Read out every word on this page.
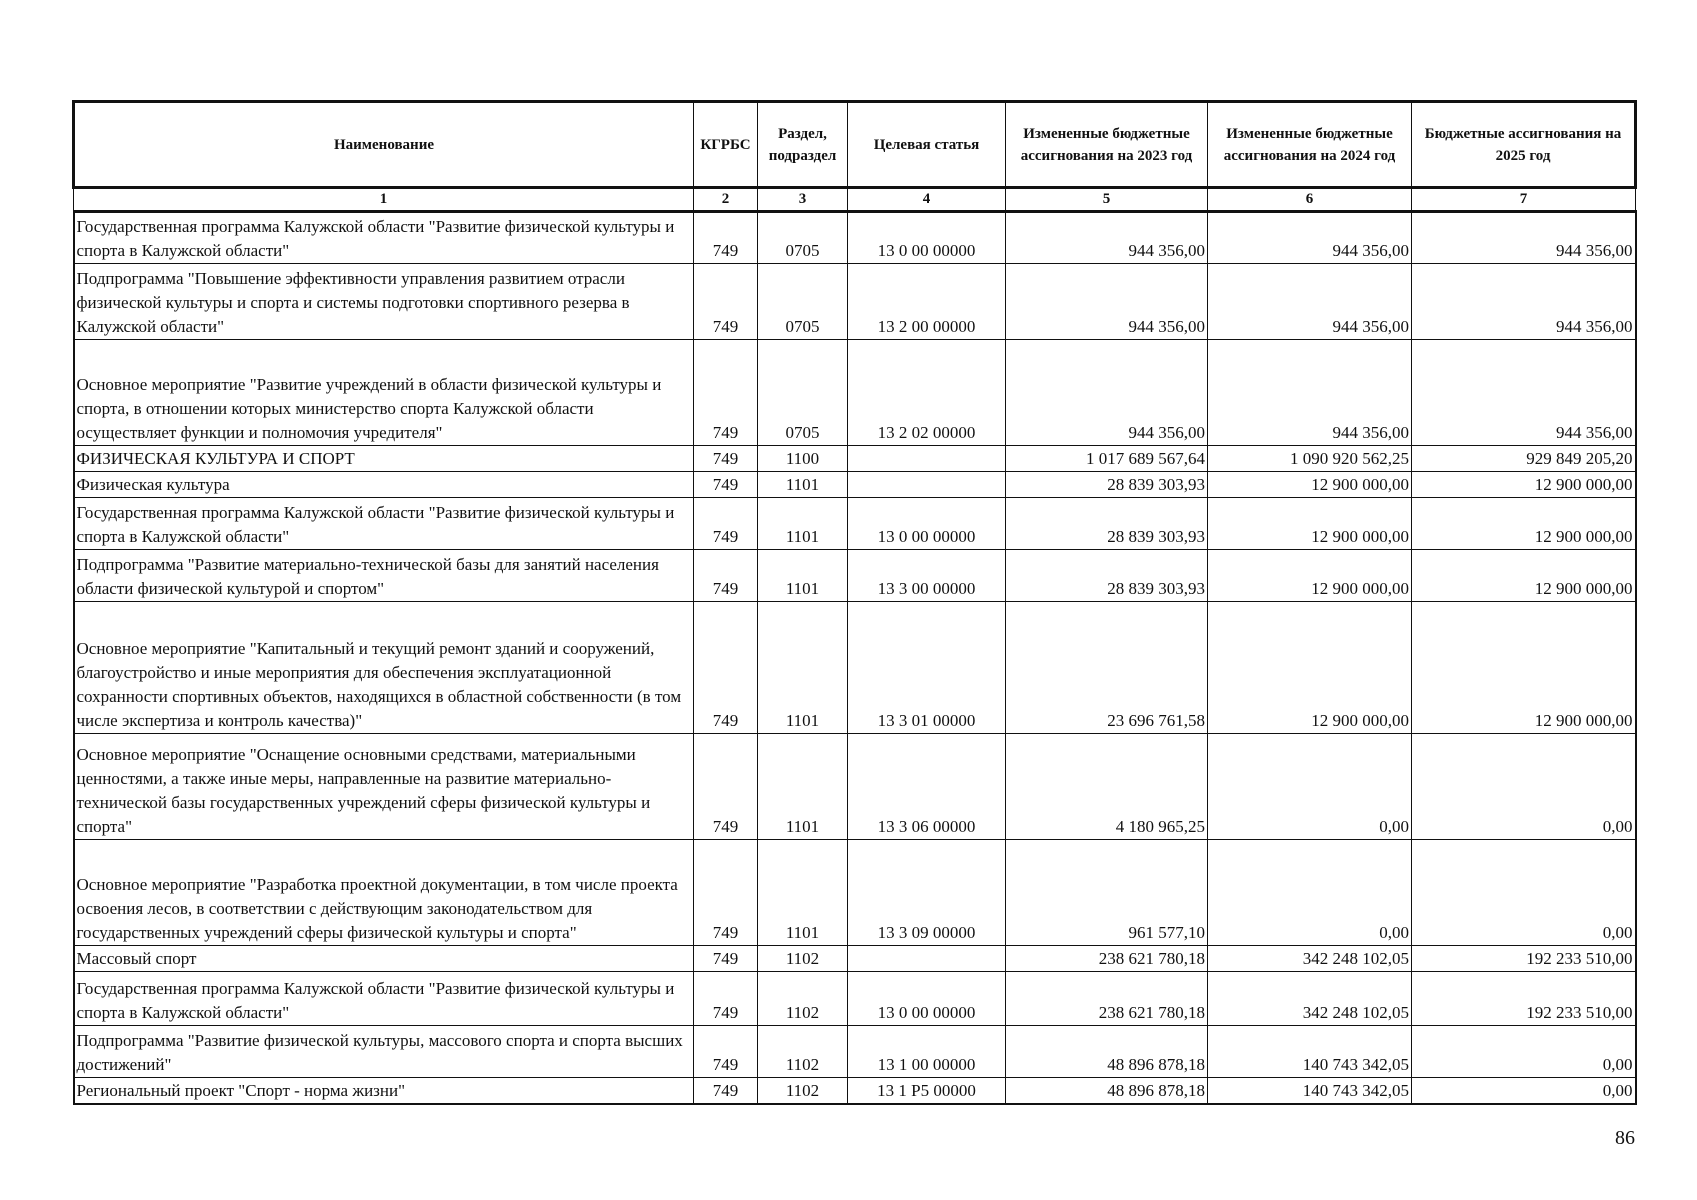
Наименование	КГРБС	Раздел, подраздел	Целевая статья	Измененные бюджетные ассигнования на 2023 год	Измененные бюджетные ассигнования на 2024 год	Бюджетные ассигнования на 2025 год
1	2	3	4	5	6	7
Государственная программа Калужской области "Развитие физической культуры и спорта в Калужской области"	749	0705	13 0 00 00000	944 356,00	944 356,00	944 356,00
Подпрограмма "Повышение эффективности управления развитием отрасли физической культуры и спорта и системы подготовки спортивного резерва в Калужской области"	749	0705	13 2 00 00000	944 356,00	944 356,00	944 356,00
Основное мероприятие "Развитие учреждений в области физической культуры и спорта, в отношении которых министерство спорта Калужской области осуществляет функции и полномочия учредителя"	749	0705	13 2 02 00000	944 356,00	944 356,00	944 356,00
ФИЗИЧЕСКАЯ КУЛЬТУРА И СПОРТ	749	1100		1 017 689 567,64	1 090 920 562,25	929 849 205,20
Физическая культура	749	1101		28 839 303,93	12 900 000,00	12 900 000,00
Государственная программа Калужской области "Развитие физической культуры и спорта в Калужской области"	749	1101	13 0 00 00000	28 839 303,93	12 900 000,00	12 900 000,00
Подпрограмма "Развитие материально-технической базы для занятий населения области физической культурой и спортом"	749	1101	13 3 00 00000	28 839 303,93	12 900 000,00	12 900 000,00
Основное мероприятие "Капитальный и текущий ремонт зданий и сооружений, благоустройство и иные мероприятия для обеспечения эксплуатационной сохранности спортивных объектов, находящихся в областной собственности (в том числе экспертиза и контроль качества)"	749	1101	13 3 01 00000	23 696 761,58	12 900 000,00	12 900 000,00
Основное мероприятие "Оснащение основными средствами, материальными ценностями, а также иные меры, направленные на развитие материально-технической базы государственных учреждений сферы физической культуры и спорта"	749	1101	13 3 06 00000	4 180 965,25	0,00	0,00
Основное мероприятие "Разработка проектной документации, в том числе проекта освоения лесов, в соответствии с действующим законодательством для государственных учреждений сферы физической культуры и спорта"	749	1101	13 3 09 00000	961 577,10	0,00	0,00
Массовый спорт	749	1102		238 621 780,18	342 248 102,05	192 233 510,00
Государственная программа Калужской области "Развитие физической культуры и спорта в Калужской области"	749	1102	13 0 00 00000	238 621 780,18	342 248 102,05	192 233 510,00
Подпрограмма "Развитие физической культуры, массового спорта и спорта высших достижений"	749	1102	13 1 00 00000	48 896 878,18	140 743 342,05	0,00
Региональный проект "Спорт - норма жизни"	749	1102	13 1 P5 00000	48 896 878,18	140 743 342,05	0,00
86
